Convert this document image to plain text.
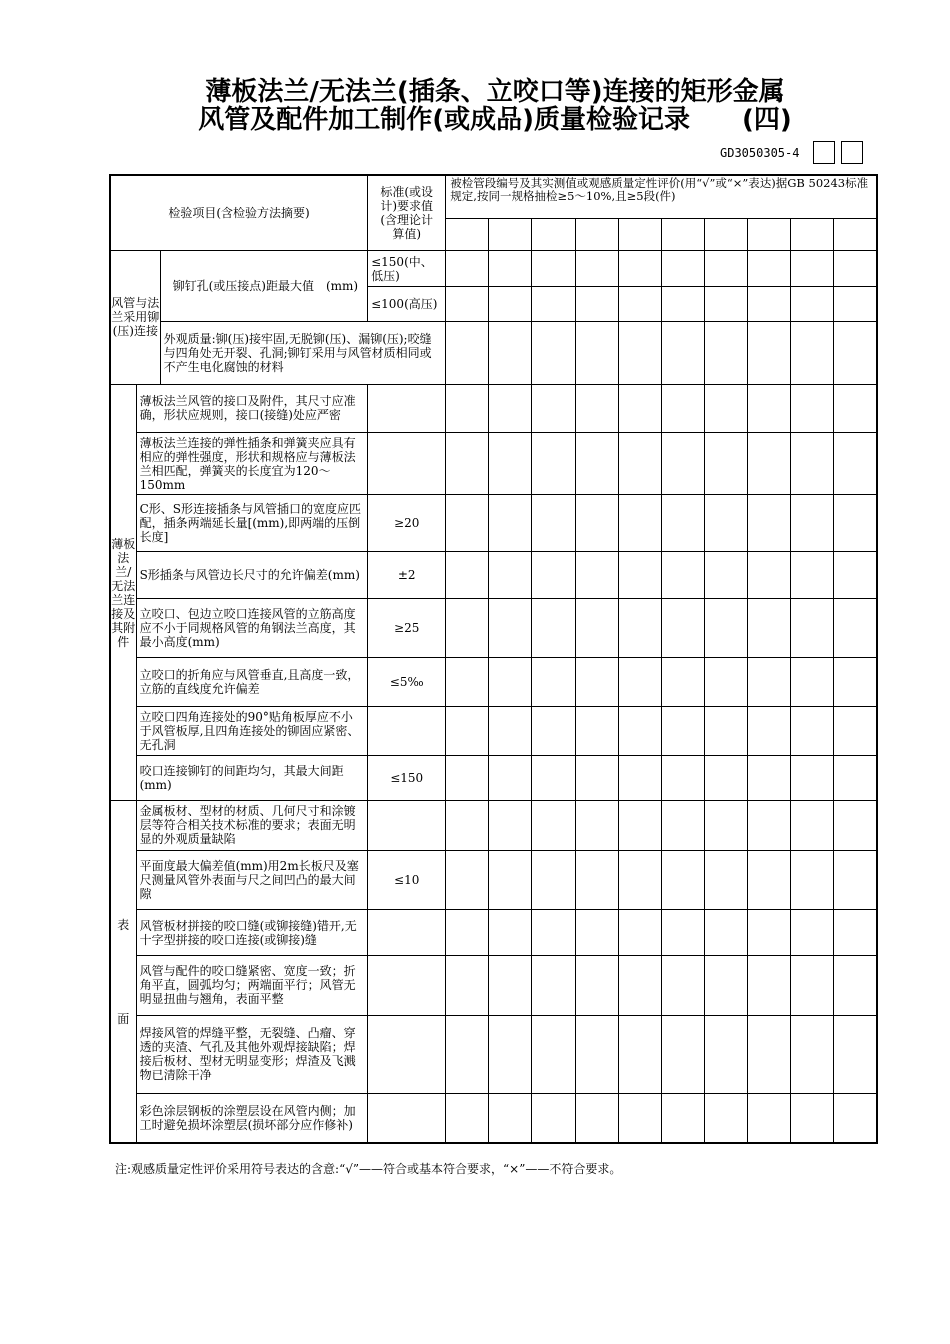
薄板法兰/无法兰(插条、立咬口等)连接的矩形金属
风管及配件加工制作(或成品)质量检验记录　　(四)
GD3050305-4
检验项目(含检验方法摘要)			标准(或设计)要求值(含理论计算值)	被检管段编号及其实测值或观感质量定性评价(用“√”或“×”表达)据GB 50243标准规定,按同一规格抽检≥5～10%,且≥5段(件)									

风管与法兰采用铆(压)连接		铆钉孔(或压接点)距最大值　(mm)	≤150(中、低压)										
			≤100(高压)										
		外观质量:铆(压)接牢固,无脱铆(压)、漏铆(压);咬缝与四角处无开裂、孔洞;铆钉采用与风管材质相同或不产生电化腐蚀的材料											
薄板法兰/无法兰连接及其附件	薄板法兰风管的接口及附件，其尺寸应准确，形状应规则，接口(接缝)处应严密												
	薄板法兰连接的弹性插条和弹簧夹应具有相应的弹性强度，形状和规格应与薄板法兰相匹配，弹簧夹的长度宜为120～150mm												
	C形、S形连接插条与风管插口的宽度应匹配，插条两端延长量[(mm),即两端的压倒长度]		≥20										
	S形插条与风管边长尺寸的允许偏差(mm)		±2										
	立咬口、包边立咬口连接风管的立筋高度应不小于同规格风管的角钢法兰高度，其最小高度(mm)		≥25										
	立咬口的折角应与风管垂直,且高度一致，立筋的直线度允许偏差		≤5‰										
	立咬口四角连接处的90°贴角板厚应不小于风管板厚,且四角连接处的铆固应紧密、无孔洞												
	咬口连接铆钉的间距均匀，其最大间距　(mm)		≤150										

表
面	金属板材、型材的材质、几何尺寸和涂镀层等符合相关技术标准的要求；表面无明显的外观质量缺陷												
	平面度最大偏差值(mm)用2m长板尺及塞尺测量风管外表面与尺之间凹凸的最大间隙		≤10										
	风管板材拼接的咬口缝(或铆接缝)错开,无十字型拼接的咬口连接(或铆接)缝												
	风管与配件的咬口缝紧密、宽度一致；折角平直，圆弧均匀；两端面平行；风管无明显扭曲与翘角，表面平整												
	焊接风管的焊缝平整，无裂缝、凸瘤、穿透的夹渣、气孔及其他外观焊接缺陷；焊接后板材、型材无明显变形；焊渣及飞溅物已清除干净												
	彩色涂层钢板的涂塑层设在风管内侧；加工时避免损坏涂塑层(损坏部分应作修补)												
注:观感质量定性评价采用符号表达的含意:“√”——符合或基本符合要求，“×”——不符合要求。
